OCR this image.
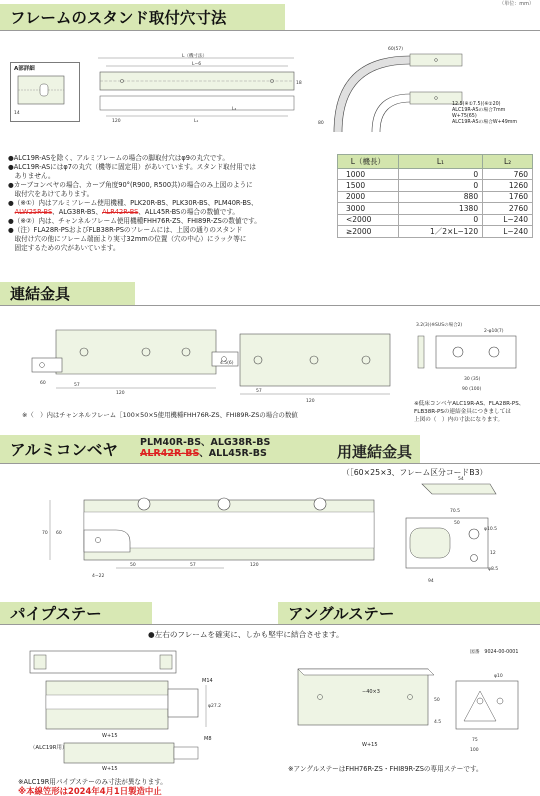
（単位：mm）
フレームのスタンド取付穴寸法
14
A部詳細
L（機寸法）
L−6
120	L₁
L₂
18
60(57)
80

12.5(※①7.5)(※②20)

ALC19R-ASの場合7mm

W+75(65)

ALC19R-ASの場合W+49mm

●ALC19R-ASを除く、アルミフレームの場合の脚取付穴はφ9の丸穴です。

●ALC19R-ASにはφ7の丸穴（機等に固定用）があいています。スタンド取付用では

　ありません。

●カーブコンベヤの場合、カーブ角度90°(R900, R500共)の場合のみ上図のように

　取付穴をあけてあります。

●（※①）内はアルミフレーム使用機種、PLK20R-BS、PLK30R-BS、PLM40R-BS、

　ALW25R-BS、ALG38R-BS、ALR42R-BS、ALL45R-BSの場合の数値です。

●（※②）内は、チャンネルフレーム使用機種FHH76R-ZS、FHI89R-ZSの数値です。

●（注）FLA28R-PSおよびFLB38R-PSのフレームには、上図の通りのスタンド

　取付け穴の他にフレーム端面より実寸32mmの位置（穴の中心）にラック等に

　固定するための穴があいています。

L（機長）	L₁	L₂
1000	0	760
1500	0	1260
2000	880	1760
3000	1380	2760
<2000	0	L−240
≥2000	1／2×L−120	L−240
連結金具
57
120
60
57
120
4.5(6)
3.2(3)(※SUSの場合2)
2-φ10(7)
30 (35)
90 (100)
※（　）内はチャンネルフレーム［100×50×5使用機種FHH76R-ZS、FHI89R-ZSの場合の数値

※低床コンベヤALC19R-AS、FLA28R-PS、

FLB38R-PSの連結金具につきましては

上図の（　）内の寸法になります。

アルミコンベヤ PLM40R-BS、ALG38R-BS
ALR42R-BS、ALL45R-BS	用連結金具
（［60×25×3、フレーム区分コードB3）
70 60
50	57	120
4−22
54
70.5
50
φ10.5
φ8.5
94
12
パイプステー	アングルステー
●左右のフレームを確実に、しかも堅牢に結合させます。
図番　9024-00-0001
φ27.2
M14
W+15	M8
W+15
（ALC19R用）
φ10
75
100
50
4.5
−40×3
W+15
※ALC19R用パイプステーのみ寸法が異なります。
※アングルステーはFHH76R-ZS・FHI89R-ZSの専用ステーです。
※本線笠形は2024年4月1日製造中止
